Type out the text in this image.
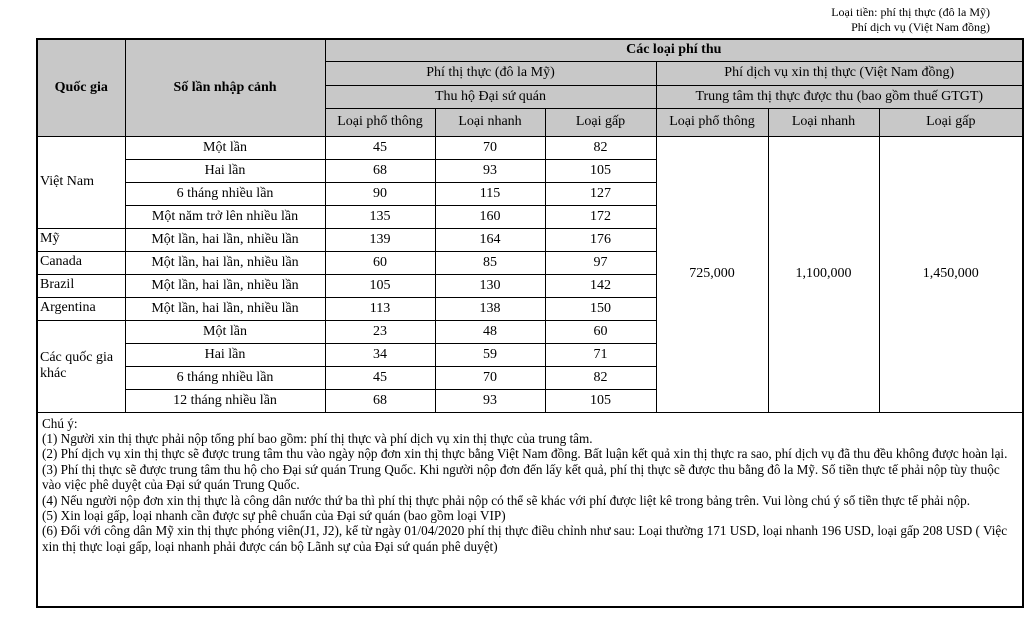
Loại tiền: phí thị thực (đô la Mỹ)
Phí dịch vụ (Việt Nam đồng)
Quốc gia	Số lần nhập cảnh	Các loại phí thu					
		Phí thị thực (đô la Mỹ)			Phí dịch vụ xin thị thực (Việt Nam đồng)		
		Thu hộ Đại sứ quán			Trung tâm thị thực được thu (bao gồm thuế GTGT)		
		Loại phổ thông	Loại nhanh	Loại gấp	Loại phổ thông	Loại nhanh	Loại gấp
Việt Nam	Một lần	45	70	82	725,000	1,100,000	1,450,000
	Hai lần	68	93	105			
	6 tháng nhiều lần	90	115	127			
	Một năm trở lên nhiều lần	135	160	172			
Mỹ	Một lần, hai lần, nhiều lần	139	164	176			
Canada	Một lần, hai lần, nhiều lần	60	85	97			
Brazil	Một lần, hai lần, nhiều lần	105	130	142			
Argentina	Một lần, hai lần, nhiều lần	113	138	150			
Các quốc gia khác	Một lần	23	48	60			
	Hai lần	34	59	71			
	6 tháng nhiều lần	45	70	82			
	12 tháng nhiều lần	68	93	105			

Chú ý:

(1) Người xin thị thực phải nộp tổng phí bao gồm: phí thị thực và phí dịch vụ xin thị thực của trung tâm.

(2) Phí dịch vụ xin thị thực sẽ được trung tâm thu vào ngày nộp đơn xin thị thực bằng Việt Nam đồng. Bất luận kết quả xin thị thực ra sao, phí dịch vụ đã thu đều không được hoàn lại.

(3) Phí thị thực sẽ được trung tâm thu hộ cho Đại sứ quán Trung Quốc. Khi người nộp đơn đến lấy kết quả, phí thị thực sẽ được thu bằng đô la Mỹ. Số tiền thực tế phải nộp tùy thuộc vào việc phê duyệt của Đại sứ quán Trung Quốc.

(4) Nếu người nộp đơn xin thị thực là công dân nước thứ ba thì phí thị thực phải nộp có thể sẽ khác với phí được liệt kê trong bảng trên. Vui lòng chú ý số tiền thực tế phải nộp.

(5) Xin loại gấp, loại nhanh cần được sự phê chuẩn của Đại sứ quán (bao gồm loại VIP)

(6) Đối với công dân Mỹ xin thị thực phóng viên(J1, J2), kể từ ngày 01/04/2020 phí thị thực điều chỉnh như sau: Loại thường 171 USD, loại nhanh 196 USD, loại gấp 208 USD ( Việc xin thị thực loại gấp, loại nhanh phải được cán bộ Lãnh sự của Đại sứ quán phê duyệt)
